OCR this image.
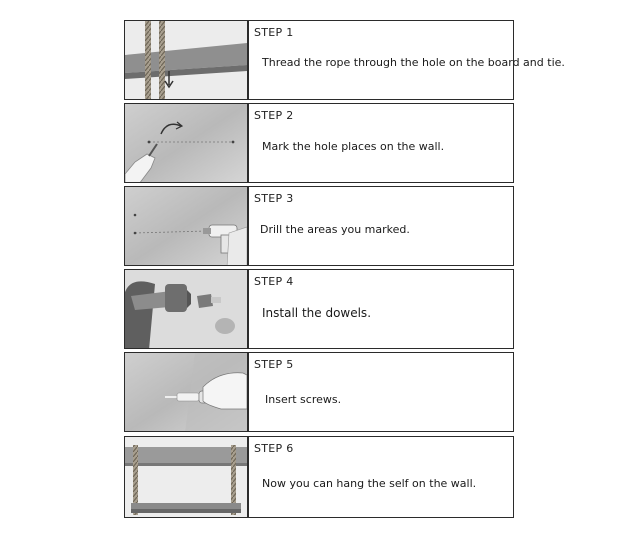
STEP 1
Thread the rope through the hole on the board and tie.
STEP 2
Mark the hole places on the wall.
STEP 3
Drill the areas you marked.
STEP 4
Install the dowels.
STEP 5
Insert screws.
STEP 6
Now you can hang the self on the wall.
